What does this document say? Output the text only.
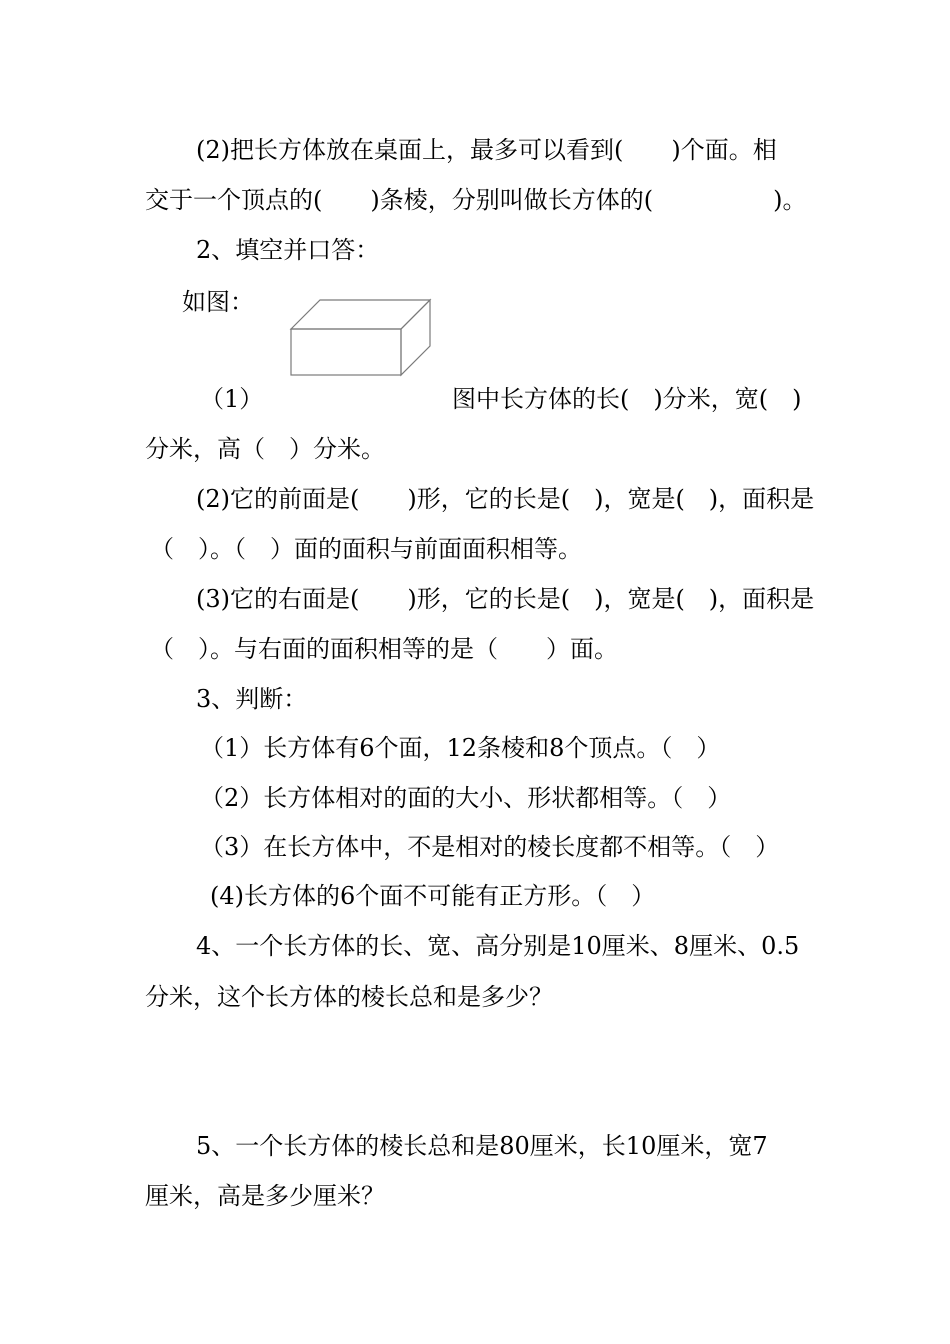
(2)把长方体放在桌面上，最多可以看到(　　)个面。相
交于一个顶点的(　　)条棱，分别叫做长方体的(　　　　　)。
2、填空并口答：
如图：
（1）	图中长方体的长(　)分米，宽(　)
分米，高（　）分米。
(2)它的前面是(　　)形，它的长是(　)，宽是(　)，面积是
（　）。（　）面的面积与前面面积相等。
(3)它的右面是(　　)形，它的长是(　)，宽是(　)，面积是
（　）。与右面的面积相等的是（　　）面。
3、判断：
（1）长方体有6个面，12条棱和8个顶点。（　）
（2）长方体相对的面的大小、形状都相等。（　）
（3）在长方体中，不是相对的棱长度都不相等。（　）
(4)长方体的6个面不可能有正方形。（　）
4、一个长方体的长、宽、高分别是10厘米、8厘米、0.5
分米，这个长方体的棱长总和是多少？
5、一个长方体的棱长总和是80厘米，长10厘米，宽7
厘米，高是多少厘米？
